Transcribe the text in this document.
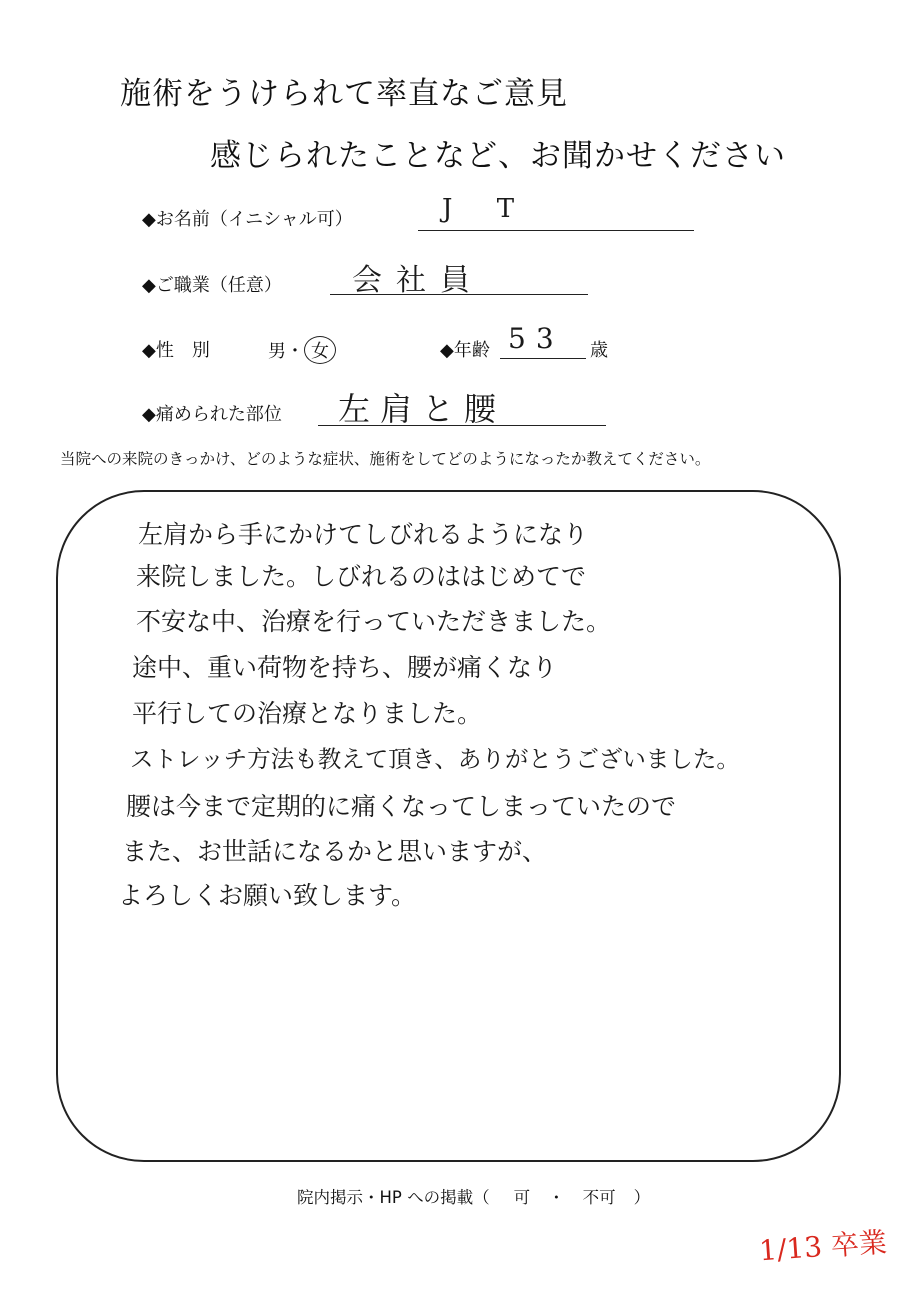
施術をうけられて率直なご意見
感じられたことなど、お聞かせください
◆お名前（イニシャル可）	J T
◆ご職業（任意） 会社員
◆性　別	男・ 女	◆年齢 53 歳
◆痛められた部位 左肩と腰
当院への来院のきっかけ、どのような症状、施術をしてどのようになったか教えてください。
左肩から手にかけてしびれるようになり
来院しました。しびれるのははじめてで
不安な中、治療を行っていただきました。
途中、重い荷物を持ち、腰が痛くなり
平行しての治療となりました。
ストレッチ方法も教えて頂き、ありがとうございました。
腰は今まで定期的に痛くなってしまっていたので
また、お世話になるかと思いますが、
よろしくお願い致します。
院内掲示・HP への掲載（ 可 ・ 不可 ）
1/13 卒業
